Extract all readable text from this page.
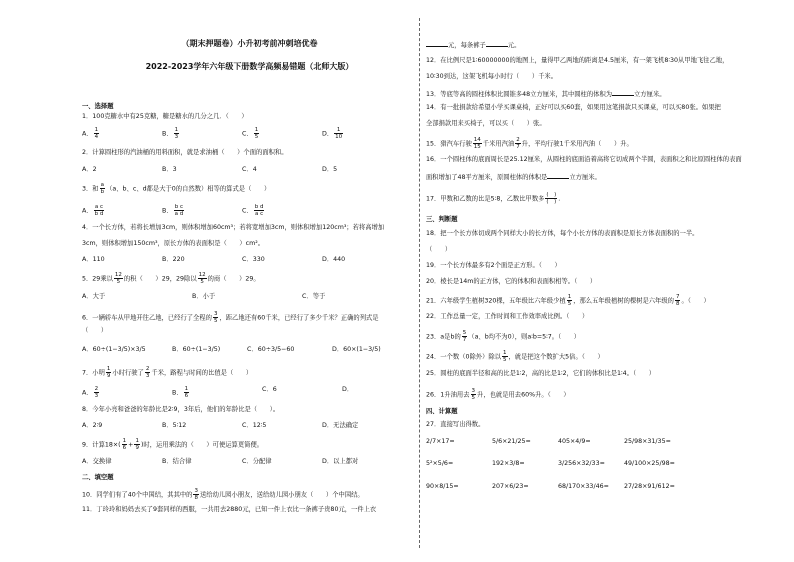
（期末押题卷）小升初考前冲刺培优卷
2022-2023学年六年级下册数学高频易错题（北师大版）
一、选择题
1．100克糖水中有25克糖，糖是糖水的几分之几．（　　）
A． $\frac{1}{4}$	B． $\frac{1}{3}$	C． $\frac{1}{5}$	D． $\frac{1}{10}$
2．计算圆柱形的汽油桶的用料面积，就是求油桶（　　）个面的面积和。
A．2	B．3	C．4	D．5
3．和 $\frac{a}{b} (a$、b、c、d都是大于0的自然数）相等的算式是（　　）
A． $\frac{\text{a c}}{\text{b d}}$	B． $\frac{\text{b c}}{\text{a d}}$	C． $\frac{\text{b d}}{\text{a c}}$
4．一个长方体，若将长增加3cm，则体积增加60cm³；若将宽增加3cm，则体积增加120cm³；若将高增加
3cm，则体积增加150cm³，原长方体的表面积是（　　）cm²。
A．110	B．220	C．330	D．440
5．29乘以 $\frac{12}{5}$ 的积（　　）29，29除以 $\frac{12}{5}$ 的商（　　）29。
A．大于	B．小于	C．等于
6．一辆轿车从甲地开往乙地，已经行了全程的 $\frac{3}{5}$ ，距乙地还有60千米，已经行了多少千米？正确的列式是
（　　）
A．60÷(1−3/5)×3/5	B．60÷(1−3/5)	C．60÷3/5−60	D．60×(1−3/5)
7．小明 $\frac{1}{9}$ 小时行驶了 $\frac{2}{3}$ 千米，路程与时间的比值是（　　）
A． $\frac{2}{3}$	B． $\frac{1}{6}$	C．6	D．
8．今年小亮和爸爸的年龄比是2∶9，3年后，他们的年龄比是（　　）。
A．2∶9	B．5∶12	C．12∶5	D．无法确定
9．计算$18\times( \frac{1}{6} + \frac{1}{9}$ )时，运用乘法的（　　）可使运算更简便。
A．交换律	B．结合律	C．分配律	D．以上都对
二、填空题
10．同学们有了40个中国结，其其中的 $\frac{3}{8}$ 送给幼儿园小朋友，送给幼儿园小朋友（　　）个中国结。
11．丁玲玲和妈妈去买了9套同样的西服，一共用去2880元，已知一件上衣比一条裤子贵80元，一件上衣
元，每条裤子	元。
12．在比例尺是1∶60000000的地图上，量得甲乙两地的距离是4.5厘米，有一架飞机8∶30从甲地飞往乙地，
10∶30到达，这架飞机每小时行（　　）千米。
13．等底等高的圆柱体积比圆锥多48立方厘米，其中圆柱的体积为	立方厘米。
14．有一批捐款给希望小学买课桌椅，正好可以买60套，如果用这笔捐款只买课桌，可以买80张。如果把
全部捐款用来买椅子，可以买（　　）张。
15．猎汽车行驶 $\frac{14}{15}$ 千米用汽油 $\frac{2}{7}$ 升，平均行驶1千米用汽油（　　）升。
16．一个圆柱体的底面周长是25.12厘米，从圆柱的底面沿着高将它切成两个半圆，表面积之和比原圆柱体的表面
面积增加了48平方厘米，原圆柱体的体积是	立方厘米。
17．甲数和乙数的比是5∶8，乙数比甲数多 $\frac{( )}{( )}$ .
三、判断题
18．把一个长方体切成两个同样大小的长方体，每个小长方体的表面积是原长方体表面积的一半。
（　　）
19．一个长方体最多有2个面是正方形。（　　）
20．棱长是14m的正方体，它的体积和表面积相等。（　　）
21．六年级学生植树320棵，五年级比六年级少植 $\frac{1}{5}$ ，那么五年级植树的棵树是六年级的 $\frac{7}{8}$ 。（　　）
22．工作总量一定，工作时间和工作效率成比例。（　　）
23．a是b的 $\frac{5}{7} (a$、b均不为0），则a∶b=5∶7。（　　）
24．一个数（0除外）除以 $\frac{1}{5}$ ，就是把这个数扩大5倍。（　　）
25．圆柱的底面半径和高的比是1∶2，高的比是1∶2，它们的体积比是1∶4。（　　）
26．1升油用去 $\frac{3}{5}$ 升，也就是用去60%升。（　　）
四、计算题
27．直接写出得数。
2/7×17=	5/6×21/25=	405×4/9=	25/98×31/35=
5²×5/6=	192×3/8=	3/256×32/33=	49/100×25/98=
90×8/15=	207×6/23=	68/170×33/46=	27/28×91/612=
